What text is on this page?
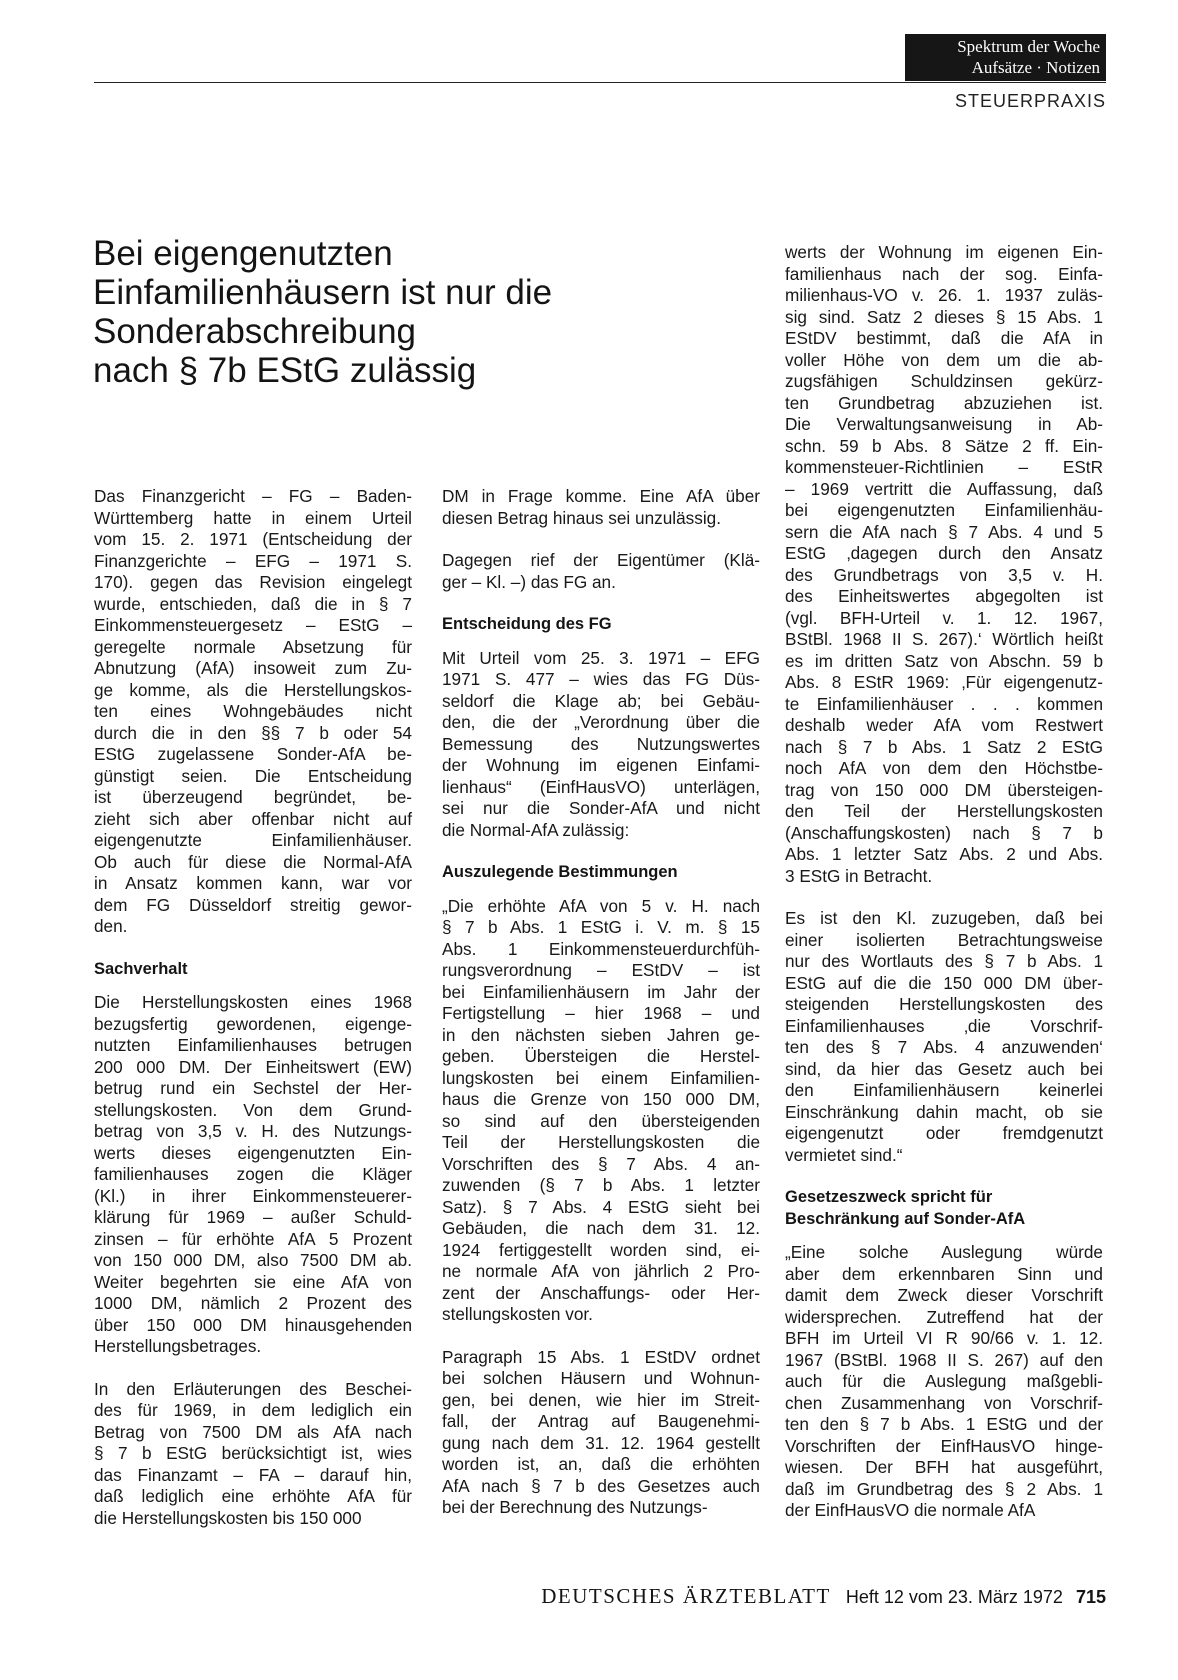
Spektrum der Woche
Aufsätze · Notizen
STEUERPRAXIS
Bei eigengenutzten
Einfamilienhäusern ist nur die
Sonderabschreibung
nach § 7b EStG zulässig

Das Finanzgericht – FG – Baden-
Württemberg hatte in einem Urteil
vom 15. 2. 1971 (Entscheidung der
Finanzgerichte – EFG – 1971 S.
170). gegen das Revision eingelegt
wurde, entschieden, daß die in § 7
Einkommensteuergesetz – EStG –
geregelte normale Absetzung für
Abnutzung (AfA) insoweit zum Zu-
ge komme, als die Herstellungskos-
ten eines Wohngebäudes nicht
durch die in den §§ 7 b oder 54
EStG zugelassene Sonder-AfA be-
günstigt seien. Die Entscheidung
ist überzeugend begründet, be-
zieht sich aber offenbar nicht auf
eigengenutzte Einfamilienhäuser.
Ob auch für diese die Normal-AfA
in Ansatz kommen kann, war vor
dem FG Düsseldorf streitig gewor-
den.

Sachverhalt

Die Herstellungskosten eines 1968
bezugsfertig gewordenen, eigenge-
nutzten Einfamilienhauses betrugen
200 000 DM. Der Einheitswert (EW)
betrug rund ein Sechstel der Her-
stellungskosten. Von dem Grund-
betrag von 3,5 v. H. des Nutzungs-
werts dieses eigengenutzten Ein-
familienhauses zogen die Kläger
(Kl.) in ihrer Einkommensteuerer-
klärung für 1969 – außer Schuld-
zinsen – für erhöhte AfA 5 Prozent
von 150 000 DM, also 7500 DM ab.
Weiter begehrten sie eine AfA von
1000 DM, nämlich 2 Prozent des
über 150 000 DM hinausgehenden
Herstellungsbetrages.

In den Erläuterungen des Beschei-
des für 1969, in dem lediglich ein
Betrag von 7500 DM als AfA nach
§ 7 b EStG berücksichtigt ist, wies
das Finanzamt – FA – darauf hin,
daß lediglich eine erhöhte AfA für
die Herstellungskosten bis 150 000

DM in Frage komme. Eine AfA über
diesen Betrag hinaus sei unzulässig.

Dagegen rief der Eigentümer (Klä-
ger – Kl. –) das FG an.

Entscheidung des FG

Mit Urteil vom 25. 3. 1971 – EFG
1971 S. 477 – wies das FG Düs-
seldorf die Klage ab; bei Gebäu-
den, die der „Verordnung über die
Bemessung des Nutzungswertes
der Wohnung im eigenen Einfami-
lienhaus“ (EinfHausVO) unterlägen,
sei nur die Sonder-AfA und nicht
die Normal-AfA zulässig:

Auszulegende Bestimmungen

„Die erhöhte AfA von 5 v. H. nach
§ 7 b Abs. 1 EStG i. V. m. § 15
Abs. 1 Einkommensteuerdurchfüh-
rungsverordnung – EStDV – ist
bei Einfamilienhäusern im Jahr der
Fertigstellung – hier 1968 – und
in den nächsten sieben Jahren ge-
geben. Übersteigen die Herstel-
lungskosten bei einem Einfamilien-
haus die Grenze von 150 000 DM,
so sind auf den übersteigenden
Teil der Herstellungskosten die
Vorschriften des § 7 Abs. 4 an-
zuwenden (§ 7 b Abs. 1 letzter
Satz). § 7 Abs. 4 EStG sieht bei
Gebäuden, die nach dem 31. 12.
1924 fertiggestellt worden sind, ei-
ne normale AfA von jährlich 2 Pro-
zent der Anschaffungs- oder Her-
stellungskosten vor.

Paragraph 15 Abs. 1 EStDV ordnet
bei solchen Häusern und Wohnun-
gen, bei denen, wie hier im Streit-
fall, der Antrag auf Baugenehmi-
gung nach dem 31. 12. 1964 gestellt
worden ist, an, daß die erhöhten
AfA nach § 7 b des Gesetzes auch
bei der Berechnung des Nutzungs-

werts der Wohnung im eigenen Ein-
familienhaus nach der sog. Einfa-
milienhaus-VO v. 26. 1. 1937 zuläs-
sig sind. Satz 2 dieses § 15 Abs. 1
EStDV bestimmt, daß die AfA in
voller Höhe von dem um die ab-
zugsfähigen Schuldzinsen gekürz-
ten Grundbetrag abzuziehen ist.
Die Verwaltungsanweisung in Ab-
schn. 59 b Abs. 8 Sätze 2 ff. Ein-
kommensteuer-Richtlinien – EStR
– 1969 vertritt die Auffassung, daß
bei eigengenutzten Einfamilienhäu-
sern die AfA nach § 7 Abs. 4 und 5
EStG ‚dagegen durch den Ansatz
des Grundbetrags von 3,5 v. H.
des Einheitswertes abgegolten ist
(vgl. BFH-Urteil v. 1. 12. 1967,
BStBl. 1968 II S. 267).‘ Wörtlich heißt
es im dritten Satz von Abschn. 59 b
Abs. 8 EStR 1969: ‚Für eigengenutz-
te Einfamilienhäuser . . . kommen
deshalb weder AfA vom Restwert
nach § 7 b Abs. 1 Satz 2 EStG
noch AfA von dem den Höchstbe-
trag von 150 000 DM übersteigen-
den Teil der Herstellungskosten
(Anschaffungskosten) nach § 7 b
Abs. 1 letzter Satz Abs. 2 und Abs.
3 EStG in Betracht.

Es ist den Kl. zuzugeben, daß bei
einer isolierten Betrachtungsweise
nur des Wortlauts des § 7 b Abs. 1
EStG auf die die 150 000 DM über-
steigenden Herstellungskosten des
Einfamilienhauses ‚die Vorschrif-
ten des § 7 Abs. 4 anzuwenden‘
sind, da hier das Gesetz auch bei
den Einfamilienhäusern keinerlei
Einschränkung dahin macht, ob sie
eigengenutzt oder fremdgenutzt
vermietet sind.“

Gesetzeszweck spricht für
Beschränkung auf Sonder-AfA

„Eine solche Auslegung würde
aber dem erkennbaren Sinn und
damit dem Zweck dieser Vorschrift
widersprechen. Zutreffend hat der
BFH im Urteil VI R 90/66 v. 1. 12.
1967 (BStBl. 1968 II S. 267) auf den
auch für die Auslegung maßgebli-
chen Zusammenhang von Vorschrif-
ten den § 7 b Abs. 1 EStG und der
Vorschriften der EinfHausVO hinge-
wiesen. Der BFH hat ausgeführt,
daß im Grundbetrag des § 2 Abs. 1
der EinfHausVO die normale AfA

DEUTSCHES ÄRZTEBLATT Heft 12 vom 23. März 1972 715
